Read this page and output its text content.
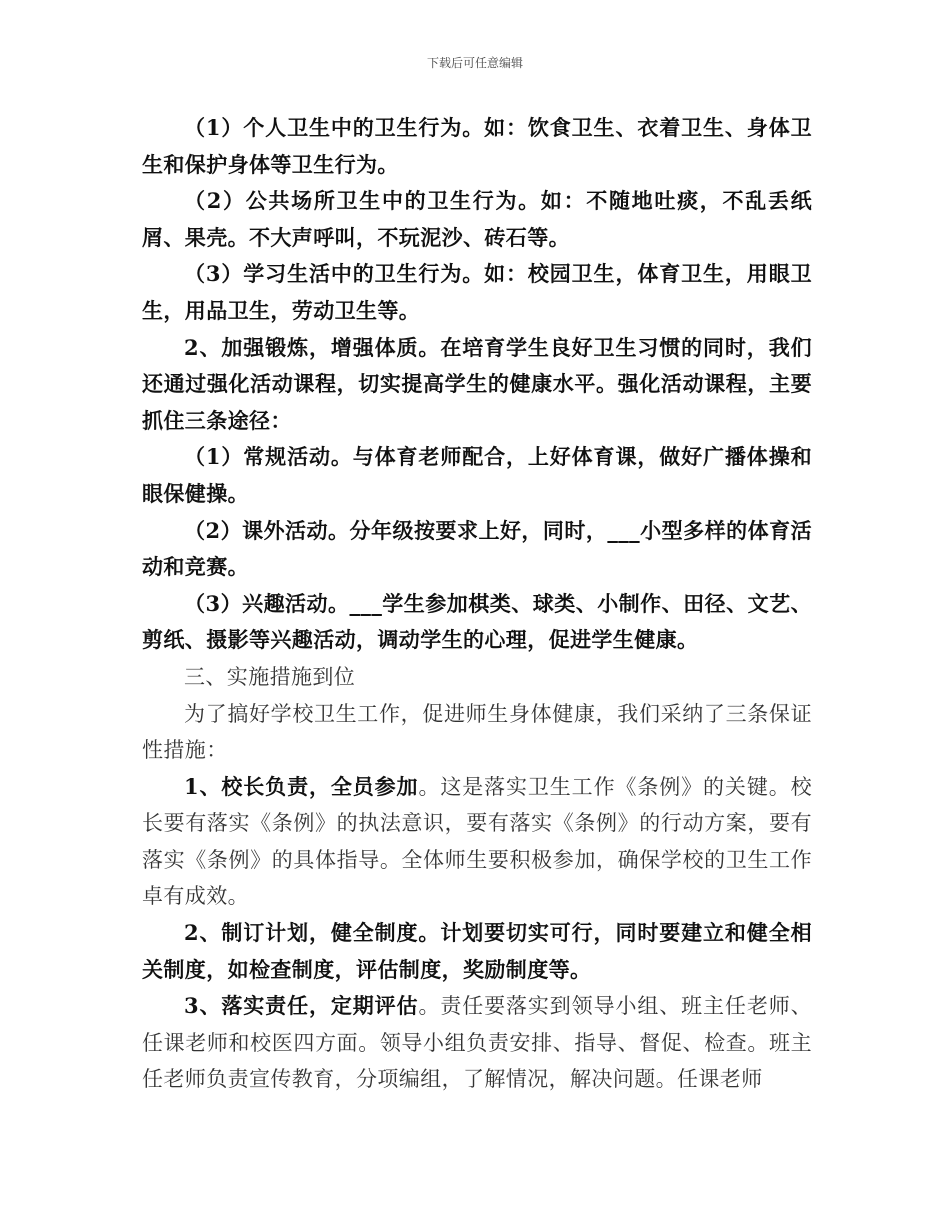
下载后可任意编辑

（1）个人卫生中的卫生行为。如：饮食卫生、衣着卫生、身体卫生和保护身体等卫生行为。

（2）公共场所卫生中的卫生行为。如：不随地吐痰，不乱丢纸屑、果壳。不大声呼叫，不玩泥沙、砖石等。

（3）学习生活中的卫生行为。如：校园卫生，体育卫生，用眼卫生，用品卫生，劳动卫生等。

2、加强锻炼，增强体质。在培育学生良好卫生习惯的同时，我们还通过强化活动课程，切实提高学生的健康水平。强化活动课程，主要抓住三条途径：

（1）常规活动。与体育老师配合，上好体育课，做好广播体操和眼保健操。

（2）课外活动。分年级按要求上好，同时，___小型多样的体育活动和竞赛。

（3）兴趣活动。___学生参加棋类、球类、小制作、田径、文艺、剪纸、摄影等兴趣活动，调动学生的心理，促进学生健康。

三、实施措施到位

为了搞好学校卫生工作，促进师生身体健康，我们采纳了三条保证性措施：

1、校长负责，全员参加。这是落实卫生工作《条例》的关键。校长要有落实《条例》的执法意识，要有落实《条例》的行动方案，要有落实《条例》的具体指导。全体师生要积极参加，确保学校的卫生工作卓有成效。

2、制订计划，健全制度。计划要切实可行，同时要建立和健全相关制度，如检查制度，评估制度，奖励制度等。

3、落实责任，定期评估。责任要落实到领导小组、班主任老师、任课老师和校医四方面。领导小组负责安排、指导、督促、检查。班主任老师负责宣传教育，分项编组，了解情况，解决问题。任课老师
